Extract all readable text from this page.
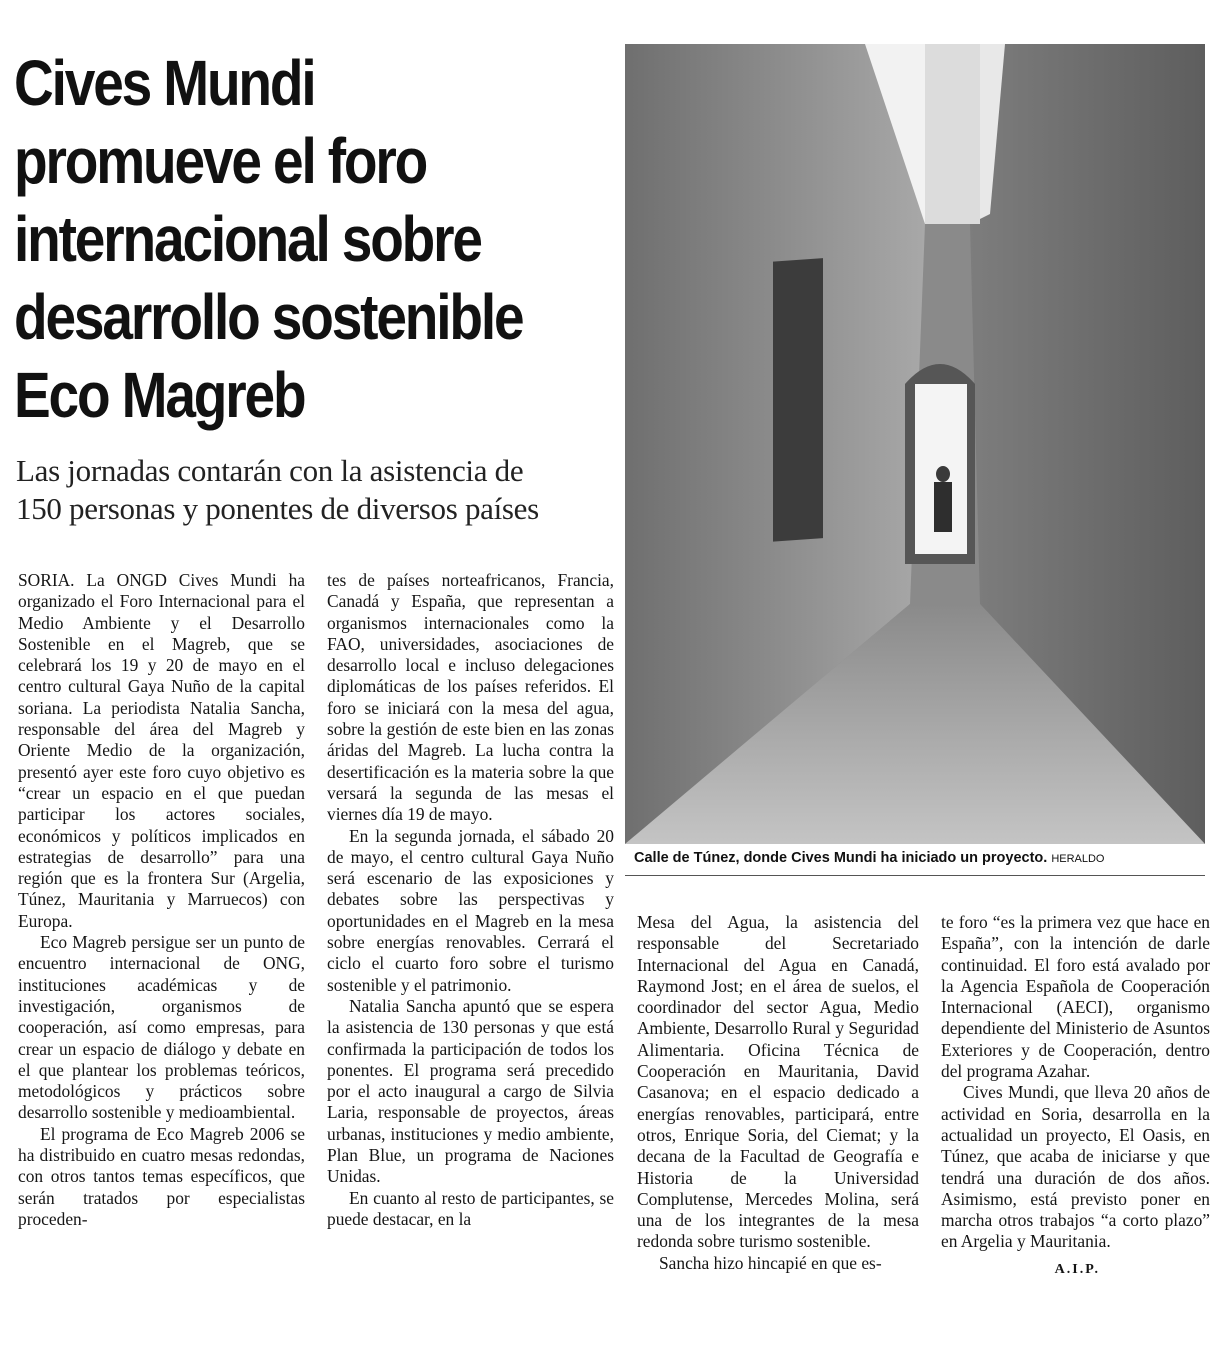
Cives Mundi
promueve el foro
internacional sobre
desarrollo sostenible
Eco Magreb
Las jornadas contarán con la asistencia de
150 personas y ponentes de diversos países

SORIA. La ONGD Cives Mundi ha organizado el Foro Internacional para el Medio Ambiente y el Desarrollo Sostenible en el Magreb, que se celebrará los 19 y 20 de mayo en el centro cultural Gaya Nuño de la capital soriana. La periodista Natalia Sancha, responsable del área del Magreb y Oriente Medio de la organización, presentó ayer este foro cuyo objetivo es “crear un espacio en el que puedan participar los actores sociales, económicos y políticos implicados en estrategias de desarrollo” para una región que es la frontera Sur (Argelia, Túnez, Mauritania y Marruecos) con Europa.

Eco Magreb persigue ser un punto de encuentro internacional de ONG, instituciones académicas y de investigación, organismos de cooperación, así como empresas, para crear un espacio de diálogo y debate en el que plantear los problemas teóricos, metodológicos y prácticos sobre desarrollo sostenible y medioambiental.

El programa de Eco Magreb 2006 se ha distribuido en cuatro mesas redondas, con otros tantos temas específicos, que serán tratados por especialistas proceden-

tes de países norteafricanos, Francia, Canadá y España, que representan a organismos internacionales como la FAO, universidades, asociaciones de desarrollo local e incluso delegaciones diplomáticas de los países referidos. El foro se iniciará con la mesa del agua, sobre la gestión de este bien en las zonas áridas del Magreb. La lucha contra la desertificación es la materia sobre la que versará la segunda de las mesas el viernes día 19 de mayo.

En la segunda jornada, el sábado 20 de mayo, el centro cultural Gaya Nuño será escenario de las exposiciones y debates sobre las perspectivas y oportunidades en el Magreb en la mesa sobre energías renovables. Cerrará el ciclo el cuarto foro sobre el turismo sostenible y el patrimonio.

Natalia Sancha apuntó que se espera la asistencia de 130 personas y que está confirmada la participación de todos los ponentes. El programa será precedido por el acto inaugural a cargo de Silvia Laria, responsable de proyectos, áreas urbanas, instituciones y medio ambiente, Plan Blue, un programa de Naciones Unidas.

En cuanto al resto de participantes, se puede destacar, en la

Mesa del Agua, la asistencia del responsable del Secretariado Internacional del Agua en Canadá, Raymond Jost; en el área de suelos, el coordinador del sector Agua, Medio Ambiente, Desarrollo Rural y Seguridad Alimentaria. Oficina Técnica de Cooperación en Mauritania, David Casanova; en el espacio dedicado a energías renovables, participará, entre otros, Enrique Soria, del Ciemat; y la decana de la Facultad de Geografía e Historia de la Universidad Complutense, Mercedes Molina, será una de los integrantes de la mesa redonda sobre turismo sostenible.

Sancha hizo hincapié en que es-

te foro “es la primera vez que hace en España”, con la intención de darle continuidad. El foro está avalado por la Agencia Española de Cooperación Internacional (AECI), organismo dependiente del Ministerio de Asuntos Exteriores y de Cooperación, dentro del programa Azahar.

Cives Mundi, que lleva 20 años de actividad en Soria, desarrolla en la actualidad un proyecto, El Oasis, en Túnez, que acaba de iniciarse y que tendrá una duración de dos años. Asimismo, está previsto poner en marcha otros trabajos “a corto plazo” en Argelia y Mauritania.

A.I.P.
Calle de Túnez, donde Cives Mundi ha iniciado un proyecto. HERALDO
